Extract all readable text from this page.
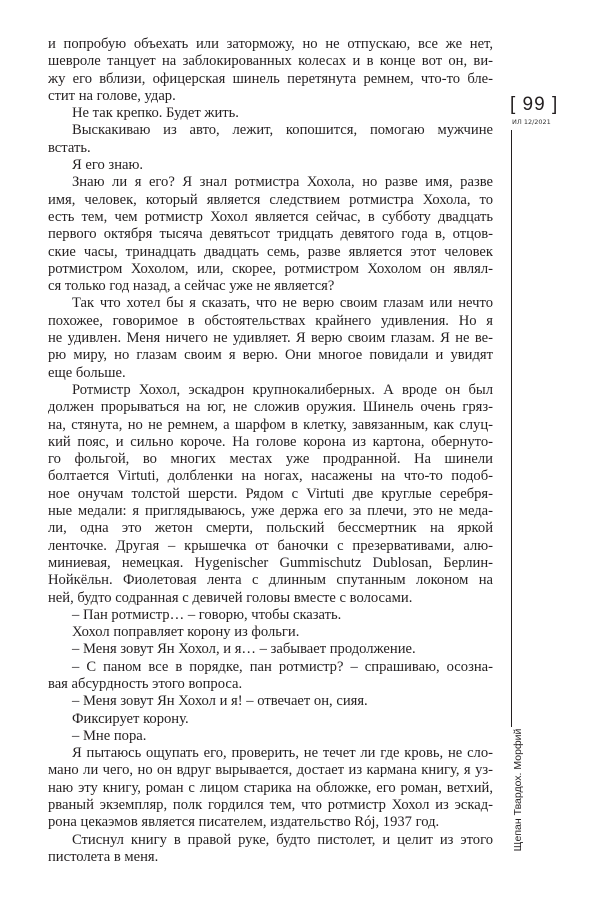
и попробую объехать или заторможу, но не отпускаю, все же нет,
шевроле танцует на заблокированных колесах и в конце вот он, ви-
жу его вблизи, офицерская шинель перетянута ремнем, что-то бле-
стит на голове, удар.
Не так крепко. Будет жить.
Выскакиваю из авто, лежит, копошится, помогаю мужчине
встать.
Я его знаю.
Знаю ли я его? Я знал ротмистра Хохола, но разве имя, разве
имя, человек, который является следствием ротмистра Хохола, то
есть тем, чем ротмистр Хохол является сейчас, в субботу двадцать
первого октября тысяча девятьсот тридцать девятого года в, отцов-
ские часы, тринадцать двадцать семь, разве является этот человек
ротмистром Хохолом, или, скорее, ротмистром Хохолом он являл-
ся только год назад, а сейчас уже не является?
Так что хотел бы я сказать, что не верю своим глазам или нечто
похожее, говоримое в обстоятельствах крайнего удивления. Но я
не удивлен. Меня ничего не удивляет. Я верю своим глазам. Я не ве-
рю миру, но глазам своим я верю. Они многое повидали и увидят
еще больше.
Ротмистр Хохол, эскадрон крупнокалиберных. А вроде он был
должен прорываться на юг, не сложив оружия. Шинель очень гряз-
на, стянута, но не ремнем, а шарфом в клетку, завязанным, как слуц-
кий пояс, и сильно короче. На голове корона из картона, обернуто-
го фольгой, во многих местах уже продранной. На шинели
болтается Virtuti, долбленки на ногах, насажены на что-то подоб-
ное онучам толстой шерсти. Рядом с Virtuti две круглые серебря-
ные медали: я приглядываюсь, уже держа его за плечи, это не меда-
ли, одна это жетон смерти, польский бессмертник на яркой
ленточке. Другая – крышечка от баночки с презервативами, алю-
миниевая, немецкая. Hygenischer Gummischutz Dublosan, Берлин-
Нойкёльн. Фиолетовая лента с длинным спутанным локоном на
ней, будто содранная с девичей головы вместе с волосами.
– Пан ротмистр… – говорю, чтобы сказать.
Хохол поправляет корону из фольги.
– Меня зовут Ян Хохол, и я… – забывает продолжение.
– С паном все в порядке, пан ротмистр? – спрашиваю, осозна-
вая абсурдность этого вопроса.
– Меня зовут Ян Хохол и я! – отвечает он, сияя.
Фиксирует корону.
– Мне пора.
Я пытаюсь ощупать его, проверить, не течет ли где кровь, не сло-
мано ли чего, но он вдруг вырывается, достает из кармана книгу, я уз-
наю эту книгу, роман с лицом старика на обложке, его роман, ветхий,
рваный экземпляр, полк гордился тем, что ротмистр Хохол из эскад-
рона цекаэмов является писателем, издательство Rój, 1937 год.
Стиснул книгу в правой руке, будто пистолет, и целит из этого
пистолета в меня.
[ 99 ]
ИЛ 12/2021
Щепан Твардох. Морфий
